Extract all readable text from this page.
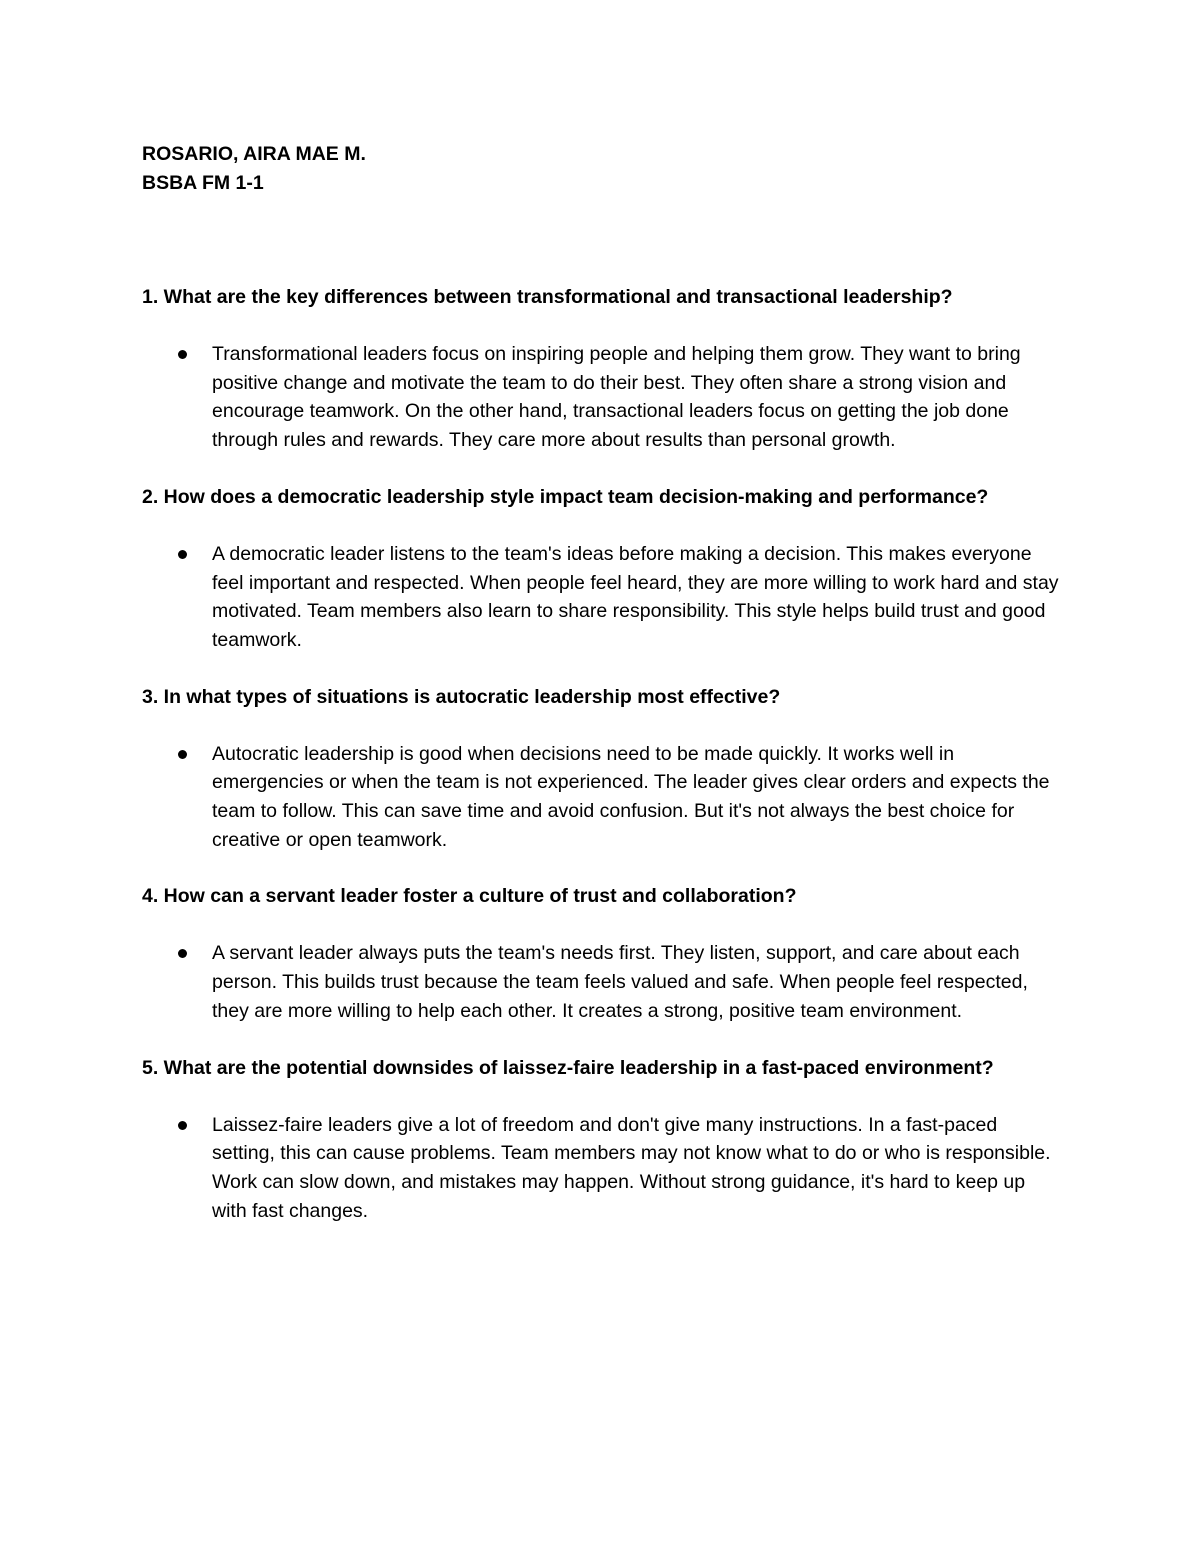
ROSARIO, AIRA MAE M.

BSBA FM 1-1

1. What are the key differences between transformational and transactional leadership?

Transformational leaders focus on inspiring people and helping them grow. They want to bring positive change and motivate the team to do their best. They often share a strong vision and encourage teamwork. On the other hand, transactional leaders focus on getting the job done through rules and rewards. They care more about results than personal growth.

2. How does a democratic leadership style impact team decision-making and performance?

A democratic leader listens to the team's ideas before making a decision. This makes everyone feel important and respected. When people feel heard, they are more willing to work hard and stay motivated. Team members also learn to share responsibility. This style helps build trust and good teamwork.

3. In what types of situations is autocratic leadership most effective?

Autocratic leadership is good when decisions need to be made quickly. It works well in emergencies or when the team is not experienced. The leader gives clear orders and expects the team to follow. This can save time and avoid confusion. But it's not always the best choice for creative or open teamwork.

4. How can a servant leader foster a culture of trust and collaboration?

A servant leader always puts the team's needs first. They listen, support, and care about each person. This builds trust because the team feels valued and safe. When people feel respected, they are more willing to help each other. It creates a strong, positive team environment.

5. What are the potential downsides of laissez-faire leadership in a fast-paced environment?

Laissez-faire leaders give a lot of freedom and don't give many instructions. In a fast-paced setting, this can cause problems. Team members may not know what to do or who is responsible. Work can slow down, and mistakes may happen. Without strong guidance, it's hard to keep up with fast changes.
